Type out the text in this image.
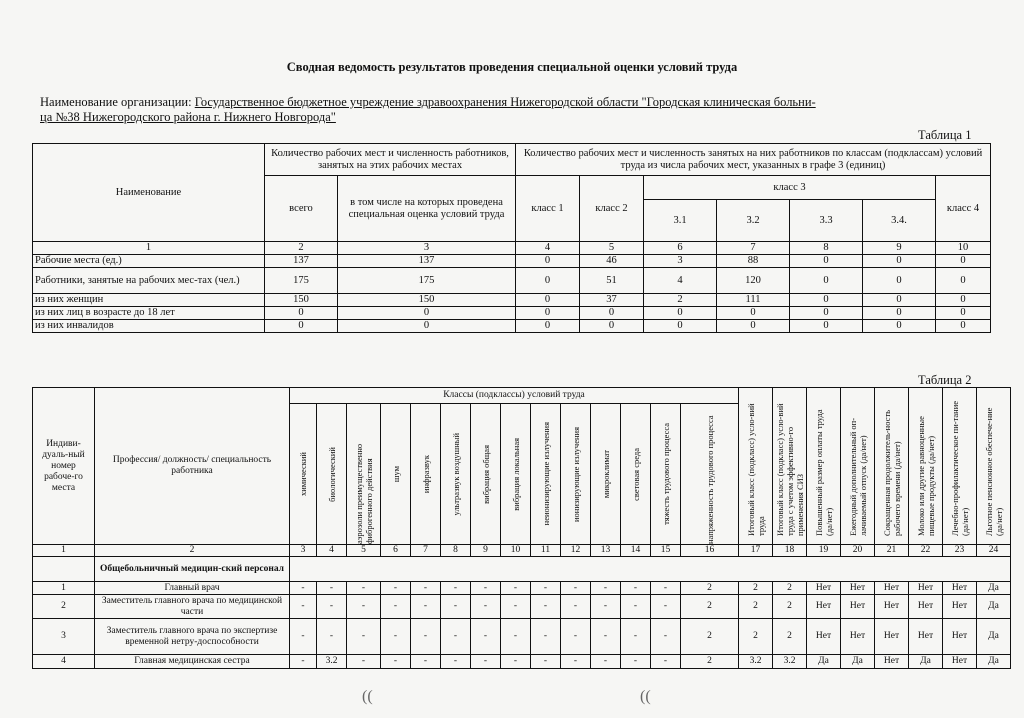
Сводная ведомость результатов проведения специальной оценки условий труда
Наименование организации: Государственное бюджетное учреждение здравоохранения Нижегородской области "Городская клиническая больни-
ца №38 Нижегородского района г. Нижнего Новгорода"
Таблица 1
Наименование	Количество рабочих мест и численность работников, занятых на этих рабочих местах		Количество рабочих мест и численность занятых на них работников по классам (подклассам) условий труда из числа рабочих мест, указанных в графе 3 (единиц)						
	всего	в том числе на которых проведена специальная оценка условий труда	класс 1	класс 2	класс 3				класс 4
					3.1	3.2	3.3	3.4.	
1	2	3	4	5	6	7	8	9	10
Рабочие места (ед.)	137	137	0	46	3	88	0	0	0
Работники, занятые на рабочих мес-тах (чел.)	175	175	0	51	4	120	0	0	0
из них женщин	150	150	0	37	2	111	0	0	0
из них лиц в возрасте до 18 лет	0	0	0	0	0	0	0	0	0
из них инвалидов	0	0	0	0	0	0	0	0	0
Таблица 2
Индиви-дуаль-ный номер рабоче-го места	Профессия/ должность/ специальность работника	Классы (подклассы) условий труда														Итоговый класс (подкласс) усло-вий труда	Итоговый класс (подкласс) усло-вий труда с учетом эффективно-го применения СИЗ	Повышенный размер оплаты труда (да/нет)	Ежегодный дополнительный оп-лачиваемый отпуск (да/нет)	Сокращенная продолжитель-ность рабочего времени (да/нет)	Молоко или другие равноценные пищевые продукты (да/нет)	Лечебно-профилактическое пи-тание (да/нет)	Льготное пенсионное обеспече-ние (да/нет)

		химический	биологический	аэрозоли преимущественно фиброгенного действия	шум	инфразвук	ультразвук воздушный	вибрация общая	вибрация локальная	неионизирующие излучения	ионизирующие излучения	микроклимат	световая среда	тяжесть трудового процесса	напряженность трудового процесса								

1	2	3	4	5	6	7	8	9	10	11	12	13	14	15	16	17	18	19	20	21	22	23	24
	Общебольничный медицин-ский персонал																						
1	Главный врач	-	-	-	-	-	-	-	-	-	-	-	-	-	2	2	2	Нет	Нет	Нет	Нет	Нет	Да
2	Заместитель главного врача по медицинской части	-	-	-	-	-	-	-	-	-	-	-	-	-	2	2	2	Нет	Нет	Нет	Нет	Нет	Да
3	Заместитель главного врача по экспертизе временной нетру-доспособности	-	-	-	-	-	-	-	-	-	-	-	-	-	2	2	2	Нет	Нет	Нет	Нет	Нет	Да
4	Главная медицинская сестра	-	3.2	-	-	-	-	-	-	-	-	-	-	-	2	3.2	3.2	Да	Да	Нет	Да	Нет	Да
((	((
